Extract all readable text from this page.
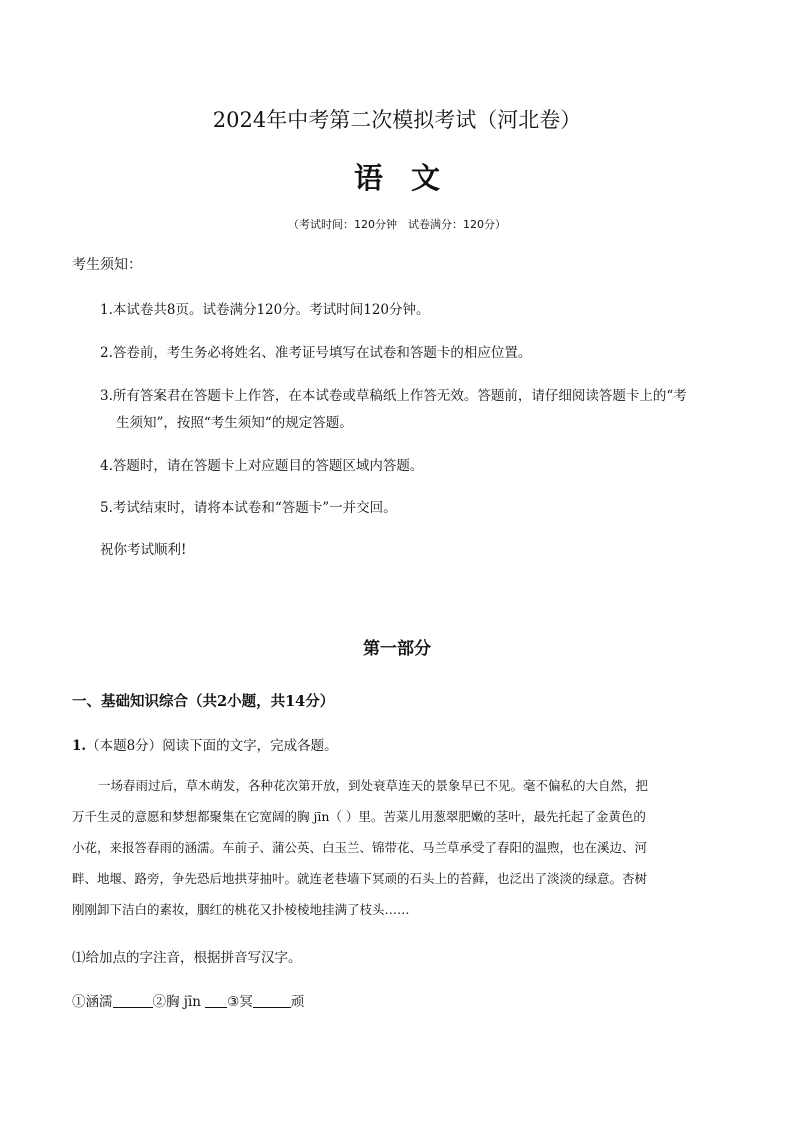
2024年中考第二次模拟考试（河北卷）
语文
（考试时间：120分钟　试卷满分：120分）
考生须知：
1.本试卷共8页。试卷满分120分。考试时间120分钟。
2.答卷前，考生务必将姓名、准考证号填写在试卷和答题卡的相应位置。
3.所有答案君在答题卡上作答，在本试卷或草稿纸上作答无效。答题前，请仔细阅读答题卡上的“考
生须知”，按照“考生须知“的规定答题。
4.答题时，请在答题卡上对应题目的答题区域内答题。
5.考试结束时，请将本试卷和“答题卡”一并交回。
祝你考试顺利!
第一部分
一、基础知识综合（共2小题，共14分）
1.（本题8分）阅读下面的文字，完成各题。
一场春雨过后，草木萌发，各种花次第开放，到处衰草连天的景象早已不见。毫不偏私的大自然，把
万千生灵的意愿和梦想都聚集在它宽阔的胸 jīn（ ）里。苦菜儿用葱翠肥嫩的茎叶，最先托起了金黄色的
小花，来报答春雨的涵濡。车前子、蒲公英、白玉兰、锦带花、马兰草承受了春阳的温煦，也在溪边、河
畔、地堰、路旁，争先恐后地拱芽抽叶。就连老巷墙下冥顽的石头上的苔藓，也泛出了淡淡的绿意。杏树
刚刚卸下洁白的素妆，胭红的桃花又扑棱棱地挂满了枝头……
⑴给加点的字注音，根据拼音写汉字。
①涵濡	②胸 jīn ③冥	顽
